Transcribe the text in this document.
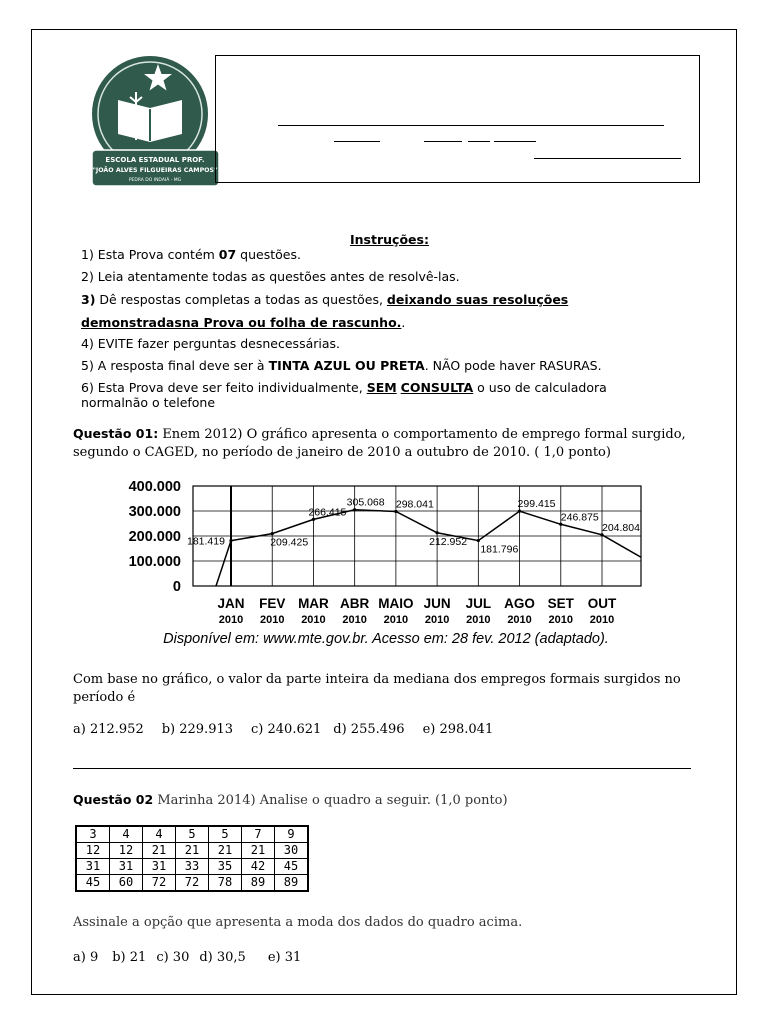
ESCOLA ESTADUAL PROF.
"JOÃO ALVES FILGUEIRAS CAMPOS"
PEDRA DO INDAIÁ - MG
Instruções:
1) Esta Prova contém 07 questões.
2) Leia atentamente todas as questões antes de resolvê-las.
3) Dê respostas completas a todas as questões, deixando suas resoluções
demonstradasna Prova ou folha de rascunho..
4) EVITE fazer perguntas desnecessárias.
5) A resposta final deve ser à TINTA AZUL OU PRETA. NÃO pode haver RASURAS.
6) Esta Prova deve ser feito individualmente, SEM CONSULTA o uso de calculadora
normalnão o telefone
Questão 01: Enem 2012) O gráfico apresenta o comportamento de emprego formal surgido,
segundo o CAGED, no período de janeiro de 2010 a outubro de 2010. ( 1,0 ponto)
0
100.000
200.000
300.000
400.000
181.419	209.425
266.415
305.068 298.041
212.952
181.796
299.415
246.875
204.804
JAN
2010
FEV
2010
MAR
2010
ABR
2010
MAIO
2010
JUN
2010
JUL
2010
AGO
2010
SET
2010
OUT
2010
Disponível em: www.mte.gov.br. Acesso em: 28 fev. 2012 (adaptado).
Com base no gráfico, o valor da parte inteira da mediana dos empregos formais surgidos no
período é
a) 212.952 b) 229.913 c) 240.621 d) 255.496 e) 298.041
Questão 02 Marinha 2014) Analise o quadro a seguir. (1,0 ponto)
3	4	4	5	5	7	9
12	12	21	21	21	21	30
31	31	31	33	35	42	45
45	60	72	72	78	89	89
Assinale a opção que apresenta a moda dos dados do quadro acima.
a) 9 b) 21 c) 30 d) 30,5 e) 31
